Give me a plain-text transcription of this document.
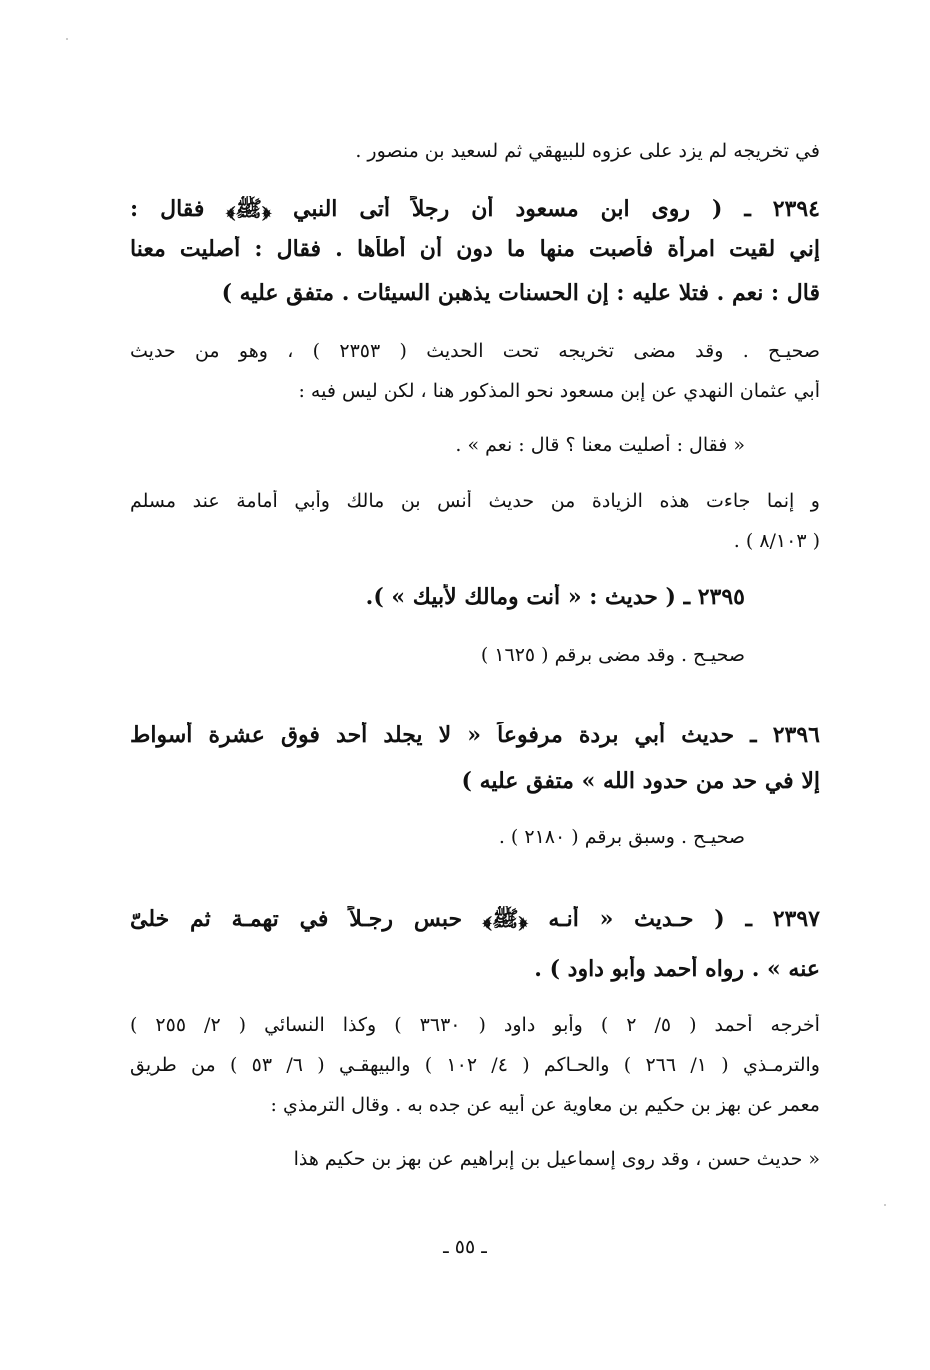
في تخريجه لم يزد على عزوه للبيهقي ثم لسعيد بن منصور .
٢٣٩٤ ـ ( روى ابن مسعود أن رجلاً أتى النبي ﴿ﷺ﴾ فقال :
إني لقيت امرأة فأصبت منها ما دون أن أطأها . فقال : أصليت معنا
قال : نعم . فتلا عليه : إن الحسنات يذهبن السيئات . متفق عليه )
صحيـح . وقد مضى تخريجه تحت الحديث ( ٢٣٥٣ ) ، وهو من حديث
أبي عثمان النهدي عن إبن مسعود نحو المذكور هنا ، لكن ليس فيه :
« فقال : أصليت معنا ؟ قال : نعم » .
و إنما جاءت هذه الزيادة من حديث أنس بن مالك وأبي أمامة عند مسلم
( ٨/١٠٣ ) .
٢٣٩٥ ـ ( حديث : « أنت ومالك لأبيك » ).
صحيـح . وقد مضى برقم ( ١٦٢٥ )
٢٣٩٦ ـ حديث أبي بردة مرفوعاً « لا يجلد أحد فوق عشرة أسواط
إلا في حد من حدود الله » متفق عليه )
صحيـح . وسبق برقم ( ٢١٨٠ ) .
٢٣٩٧ ـ ( حـديث « أنـه ﴿ﷺ﴾ حبس رجـلاً في تهمـة ثم خلىّ
عنه » . رواه أحمد وأبو داود ) .
أخرجه أحمد ( ٥/ ٢ ) وأبو داود ( ٣٦٣٠ ) وكذا النسائي ( ٢/ ٢٥٥ )
والترمـذي ( ١/ ٢٦٦ ) والحـاكم ( ٤/ ١٠٢ ) والبيهقـي ( ٦/ ٥٣ ) من طريق
معمر عن بهز بن حكيم بن معاوية عن أبيه عن جده به . وقال الترمذي :
« حديث حسن ، وقد روى إسماعيل بن إبراهيم عن بهز بن حكيم هذا
ـ ٥٥ ـ
